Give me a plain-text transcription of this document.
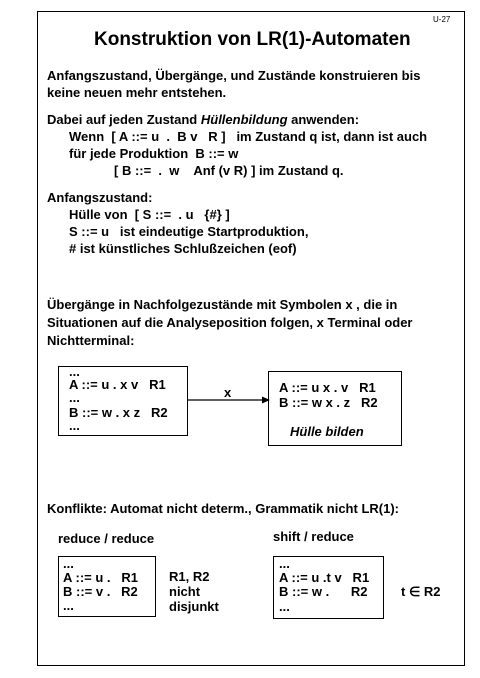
U-27
Konstruktion von LR(1)-Automaten
Anfangszustand, Übergänge, und Zustände konstruieren bis
keine neuen mehr entstehen.
Dabei auf jeden Zustand Hüllenbildung anwenden:
Wenn  [ A ::= u  .  B v   R ]   im Zustand q ist, dann ist auch
für jede Produktion  B ::= w
[ B ::=  .  w    Anf (v R) ] im Zustand q.
Anfangszustand:
Hülle von  [ S ::=  . u   {#} ]
S ::= u   ist eindeutige Startproduktion,
# ist künstliches Schlußzeichen (eof)
Übergänge in Nachfolgezustände mit Symbolen x , die in
Situationen auf die Analyseposition folgen, x Terminal oder
Nichtterminal:
...
A ::= u . x v   R1
...
B ::= w . x z   R2
...
x	A ::= u x . v   R1
B ::= w x . z   R2
Hülle bilden
Konflikte: Automat nicht determ., Grammatik nicht LR(1):
reduce / reduce
...
A ::= u .   R1
B ::= v .   R2
...
R1, R2
nicht
disjunkt
shift / reduce
...
A ::= u .t v   R1
B ::= w .      R2
...
t ∈ R2
